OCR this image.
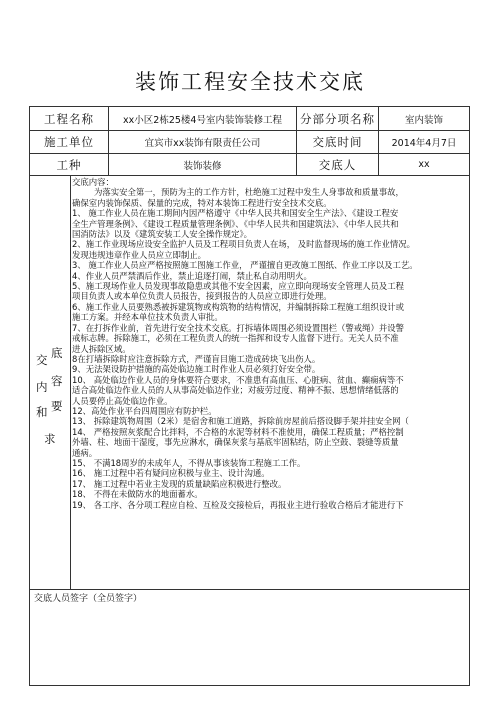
装饰工程安全技术交底
工程名称	xx小区2栋25楼4号室内装饰装修工程	分部分项名称	室内装饰
施工单位	宜宾市xx装饰有限责任公司	交底时间	2014年4月7日
工种	装饰装修	交底人	xx
交 底
内 容
和 要
求

交底内容：

为落实安全第一，预防为主的工作方针，杜绝施工过程中发生人身事故和质量事故，

确保室内装饰保质、保量的完成，特对本装饰工程进行安全技术交底。

1、 施工作业人员在施工期间内因严格遵守《中华人民共和国安全生产法》、《建设工程安

全生产管理条例》、《建设工程质量管理条例》、《中华人民共和国建筑法》、《中华人民共和

国消防法》以及《建筑安装工人安全操作规定》。

2、施工作业现场应设安全监护人员及工程项目负责人在场， 及时监督现场的施工作业情况。

发现违规违章作业人员应立即制止。

3、 施工作业人员应严格按照施工图施工作业， 严谨擅自更改施工图纸、作业工序以及工艺。

4、作业人员严禁酒后作业，禁止追逐打闹，禁止私自动用明火。

5、施工现场作业人员发现事故隐患或其他不安全因素，应立即向现场安全管理人员及工程

项目负责人或本单位负责人员报告，接到报告的人员应立即进行处理。

6、施工作业人员要熟悉被拆建筑物或构筑物的结构情况，并编制拆除工程施工组织设计或

施工方案。并经本单位技术负责人审批。

7、在打拆作业前，首先进行安全技术交底。打拆墙体周围必须设置围栏（警戒绳）并设警

戒标志牌。拆除施工，必须在工程负责人的统一指挥和设专人监督下进行。无关人员不准

进人拆除区域。

8在打墙拆除时应注意拆除方式，严谨盲目施工造成砖块飞出伤人。

9、无法架设防护措施的高处临边施工时作业人员必须打好安全带。

10、 高处临边作业人员的身体要符合要求，不准患有高血压、心脏病、贫血、癫痫病等不

适合高处临边作业人员的人从事高处临边作业；对疲劳过度、精神不振、思想情绪低落的

人员要停止高处临边作业。

12、高处作业平台四周围应有防护栏。

13、 拆除建筑物周围（2米）是宿舍和施工道路，拆除前房屋前后搭设脚手架并挂安全网（

14、 严格按照灰浆配合比拌料，不合格的水泥等材料不准使用，确保工程质量；严格控制

外墙、柱、地面干湿度，事先应淋水，确保灰浆与基底牢固粘结，防止空鼓、裂缝等质量

通病。

15、 不满18周岁的未成年人，不得从事该装饰工程施工工作。

16、 施工过程中若有疑问应积极与业主、设计沟通。

17、 施工过程中若业主发现的质量缺陷应积极进行整改。

18、 不得在未做防水的地面蓄水。

19、 各工序、各分项工程应自检、互检及交接检后，再报业主进行验收合格后才能进行下

交底人员签字（全员签字）
